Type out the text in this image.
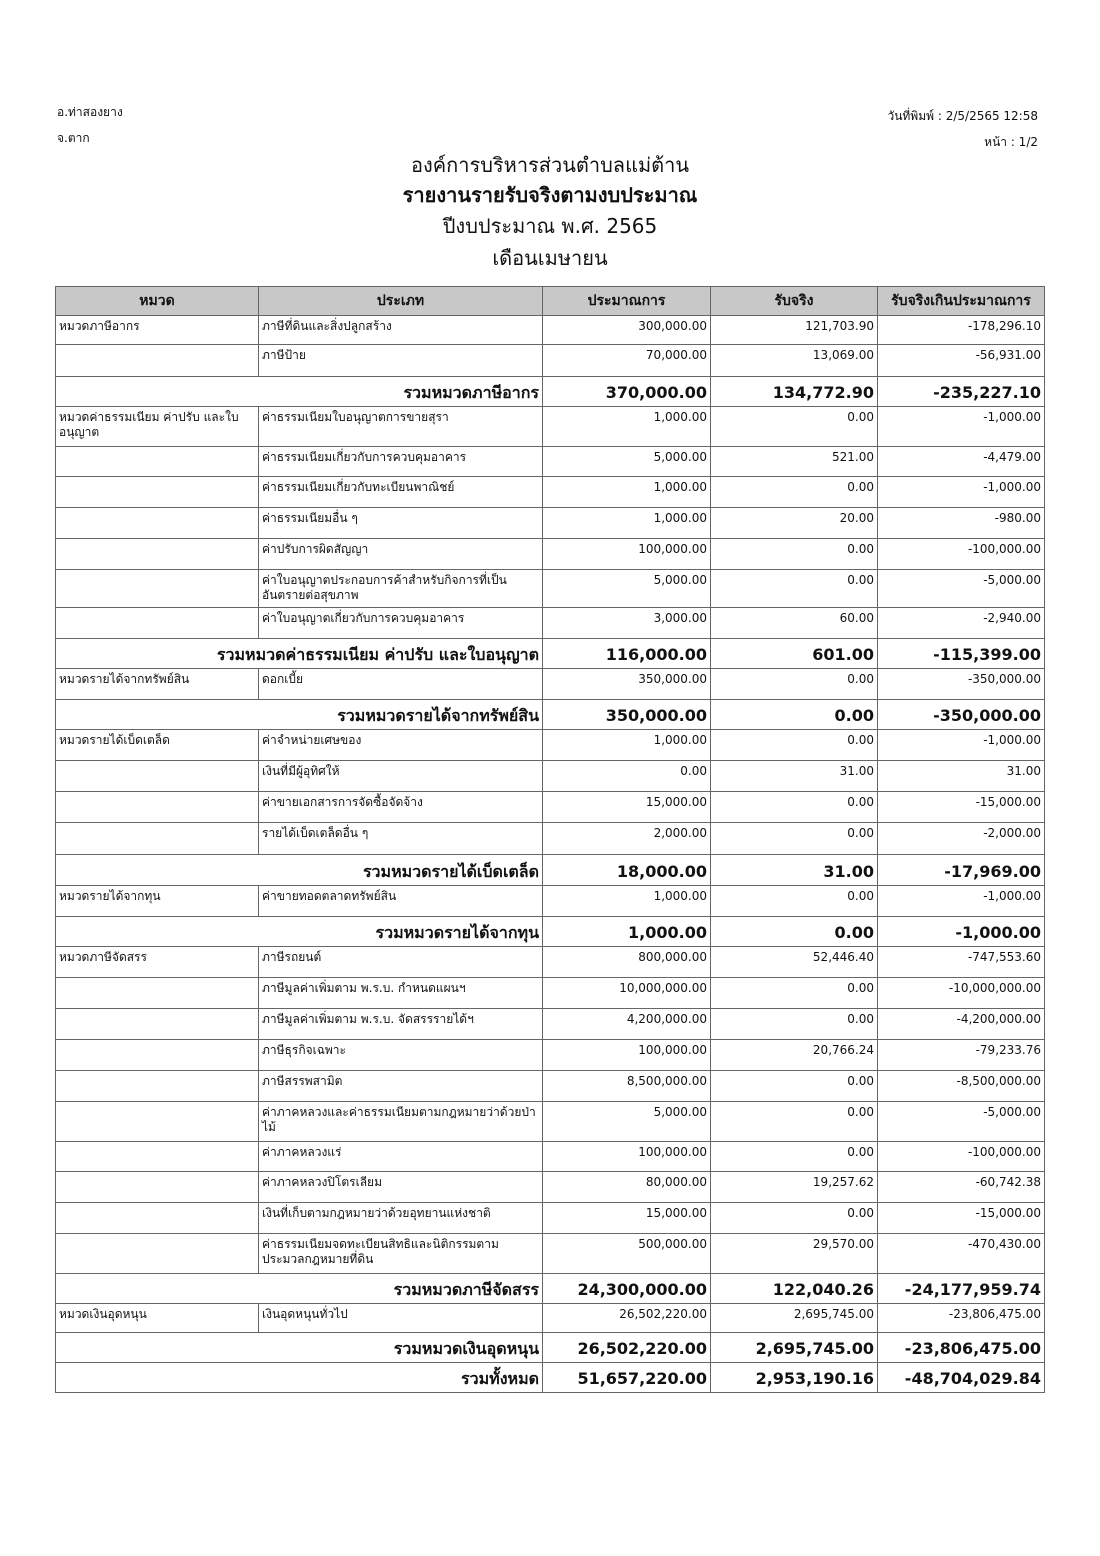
อ.ท่าสองยาง
จ.ตาก
วันที่พิมพ์ : 2/5/2565 12:58
หน้า : 1/2
องค์การบริหารส่วนตำบลแม่ต้าน
รายงานรายรับจริงตามงบประมาณ
ปีงบประมาณ พ.ศ. 2565
เดือนเมษายน
หมวด	ประเภท	ประมาณการ	รับจริง	รับจริงเกินประมาณการ
หมวดภาษีอากร	ภาษีที่ดินและสิ่งปลูกสร้าง	300,000.00	121,703.90	-178,296.10
	ภาษีป้าย	70,000.00	13,069.00	-56,931.00
รวมหมวดภาษีอากร		370,000.00	134,772.90	-235,227.10
หมวดค่าธรรมเนียม ค่าปรับ และใบอนุญาต	ค่าธรรมเนียมใบอนุญาตการขายสุรา	1,000.00	0.00	-1,000.00
	ค่าธรรมเนียมเกี่ยวกับการควบคุมอาคาร	5,000.00	521.00	-4,479.00
	ค่าธรรมเนียมเกี่ยวกับทะเบียนพาณิชย์	1,000.00	0.00	-1,000.00
	ค่าธรรมเนียมอื่น ๆ	1,000.00	20.00	-980.00
	ค่าปรับการผิดสัญญา	100,000.00	0.00	-100,000.00
	ค่าใบอนุญาตประกอบการค้าสำหรับกิจการที่เป็นอันตรายต่อสุขภาพ	5,000.00	0.00	-5,000.00
	ค่าใบอนุญาตเกี่ยวกับการควบคุมอาคาร	3,000.00	60.00	-2,940.00
รวมหมวดค่าธรรมเนียม ค่าปรับ และใบอนุญาต		116,000.00	601.00	-115,399.00
หมวดรายได้จากทรัพย์สิน	ดอกเบี้ย	350,000.00	0.00	-350,000.00
รวมหมวดรายได้จากทรัพย์สิน		350,000.00	0.00	-350,000.00
หมวดรายได้เบ็ดเตล็ด	ค่าจำหน่ายเศษของ	1,000.00	0.00	-1,000.00
	เงินที่มีผู้อุทิศให้	0.00	31.00	31.00
	ค่าขายเอกสารการจัดซื้อจัดจ้าง	15,000.00	0.00	-15,000.00
	รายได้เบ็ดเตล็ดอื่น ๆ	2,000.00	0.00	-2,000.00
รวมหมวดรายได้เบ็ดเตล็ด		18,000.00	31.00	-17,969.00
หมวดรายได้จากทุน	ค่าขายทอดตลาดทรัพย์สิน	1,000.00	0.00	-1,000.00
รวมหมวดรายได้จากทุน		1,000.00	0.00	-1,000.00
หมวดภาษีจัดสรร	ภาษีรถยนต์	800,000.00	52,446.40	-747,553.60
	ภาษีมูลค่าเพิ่มตาม พ.ร.บ. กำหนดแผนฯ	10,000,000.00	0.00	-10,000,000.00
	ภาษีมูลค่าเพิ่มตาม พ.ร.บ. จัดสรรรายได้ฯ	4,200,000.00	0.00	-4,200,000.00
	ภาษีธุรกิจเฉพาะ	100,000.00	20,766.24	-79,233.76
	ภาษีสรรพสามิต	8,500,000.00	0.00	-8,500,000.00
	ค่าภาคหลวงและค่าธรรมเนียมตามกฎหมายว่าด้วยป่าไม้	5,000.00	0.00	-5,000.00
	ค่าภาคหลวงแร่	100,000.00	0.00	-100,000.00
	ค่าภาคหลวงปิโตรเลียม	80,000.00	19,257.62	-60,742.38
	เงินที่เก็บตามกฎหมายว่าด้วยอุทยานแห่งชาติ	15,000.00	0.00	-15,000.00
	ค่าธรรมเนียมจดทะเบียนสิทธิและนิติกรรมตามประมวลกฎหมายที่ดิน	500,000.00	29,570.00	-470,430.00
รวมหมวดภาษีจัดสรร		24,300,000.00	122,040.26	-24,177,959.74
หมวดเงินอุดหนุน	เงินอุดหนุนทั่วไป	26,502,220.00	2,695,745.00	-23,806,475.00
รวมหมวดเงินอุดหนุน		26,502,220.00	2,695,745.00	-23,806,475.00
รวมทั้งหมด		51,657,220.00	2,953,190.16	-48,704,029.84
